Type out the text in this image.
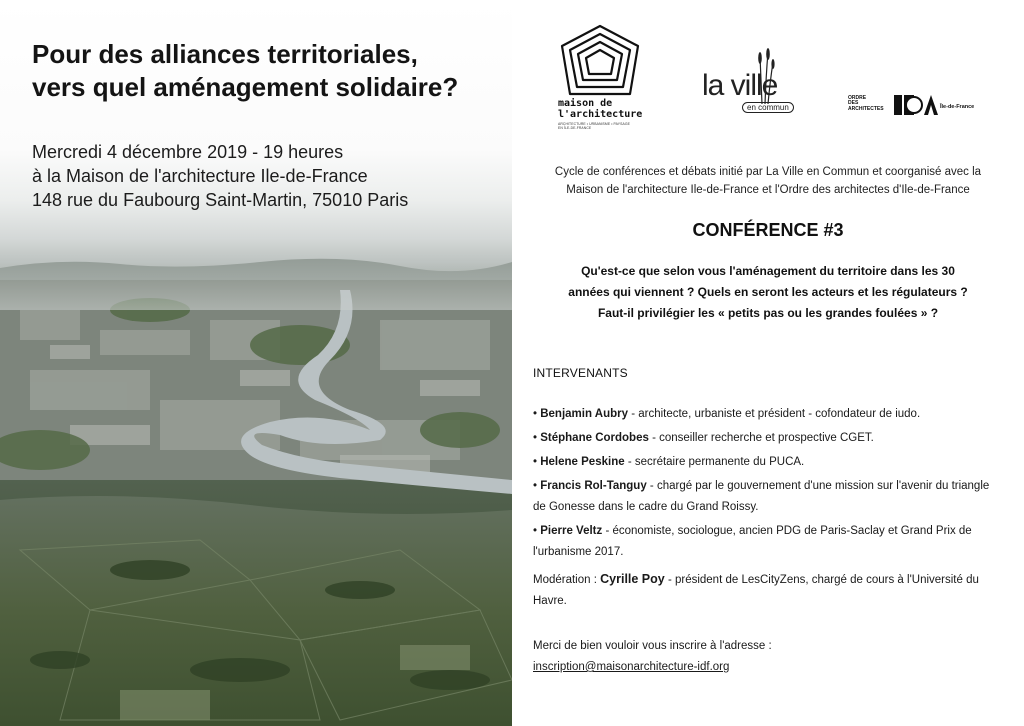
Pour des alliances territoriales,
vers quel aménagement solidaire?
Mercredi 4 décembre 2019 - 19 heures
à la Maison de l'architecture Ile-de-France
148 rue du Faubourg Saint-Martin, 75010 Paris
maison de
l'architecture
ARCHITECTURE • URBANISME • PAYSAGE
EN ÎLE-DE-FRANCE
la ville
en commun
ORDRE
DES
ARCHITECTES	Île-de-France

Cycle de conférences et débats initié par La Ville en Commun et coorganisé avec la
Maison de l'architecture Ile-de-France et l'Ordre des architectes d'Ile-de-France

CONFÉRENCE #3

Qu'est-ce que selon vous l'aménagement du territoire dans les 30
années qui viennent ? Quels en seront les acteurs et les régulateurs ?
Faut-il privilégier les « petits pas ou les grandes foulées » ?

INTERVENANTS
• Benjamin Aubry - architecte, urbaniste et président - cofondateur de iudo.
• Stéphane Cordobes - conseiller recherche et prospective CGET.
• Helene Peskine - secrétaire permanente du PUCA.
• Francis Rol-Tanguy - chargé par le gouvernement d'une mission sur l'avenir du triangle de Gonesse dans le cadre du Grand Roissy.
• Pierre Veltz - économiste, sociologue, ancien PDG de Paris-Saclay et Grand Prix de l'urbanisme 2017.

Modération : Cyrille Poy - président de LesCityZens, chargé de cours à l'Université du Havre.

Merci de bien vouloir vous inscrire à l'adresse :
inscription@maisonarchitecture-idf.org
